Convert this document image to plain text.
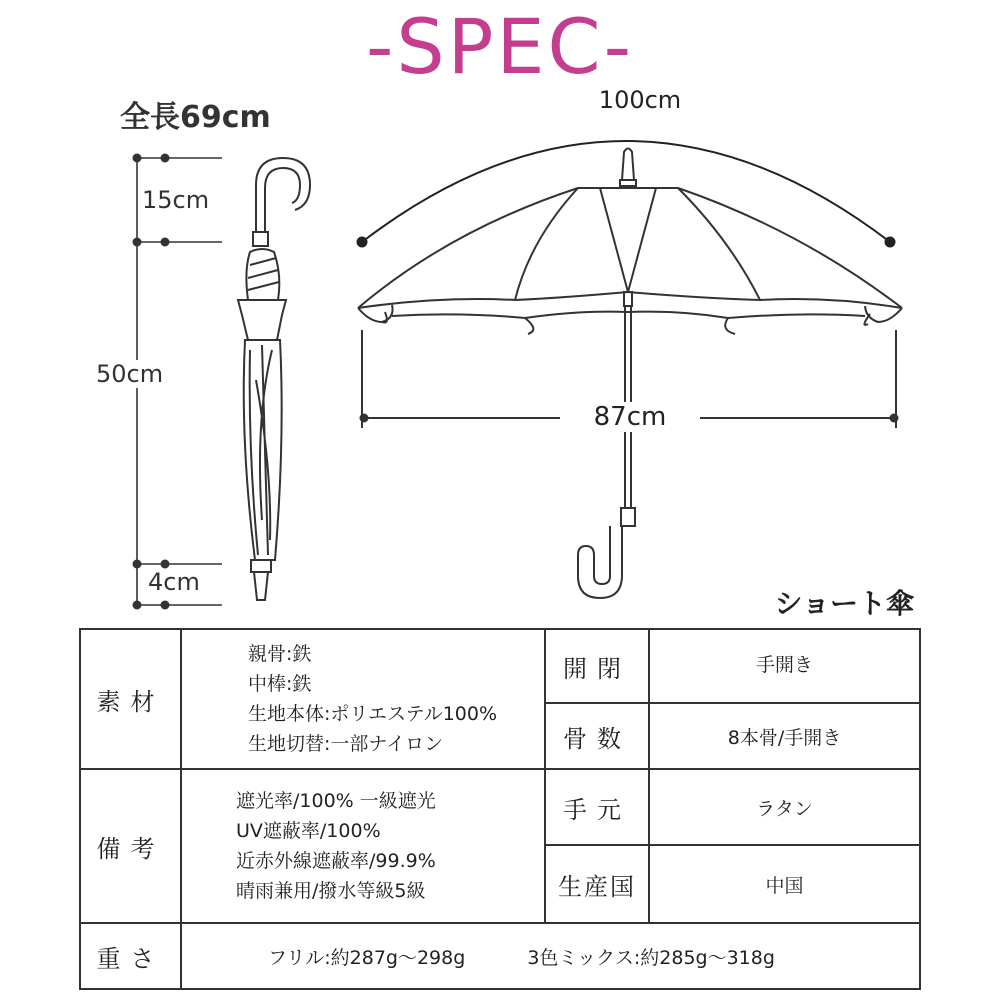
-SPEC-
全長69cm
15cm
50cm
4cm
100cm
87cm
ショート傘
素材	親骨:鉄
中棒:鉄
生地本体:ポリエステル100%
生地切替:一部ナイロン	開閉	手開き
		骨数	8本骨/手開き
備考	遮光率/100% 一級遮光
UV遮蔽率/100%
近赤外線遮蔽率/99.9%
晴雨兼用/撥水等級5級	手元	ラタン
		生産国	中国
重さ	フリル:約287g〜298g 3色ミックス:約285g〜318g		
